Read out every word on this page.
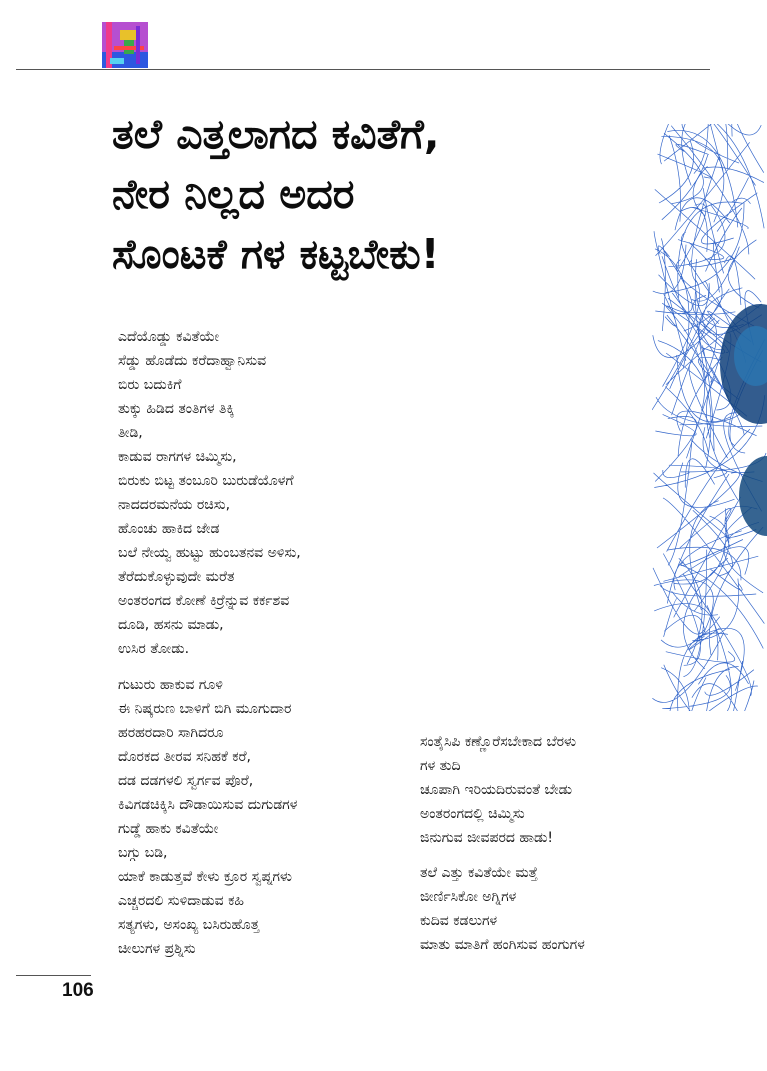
ತಲೆ ಎತ್ತಲಾಗದ ಕವಿತೆಗೆ,
ನೇರ ನಿಲ್ಲದ ಅದರ
ಸೊಂಟಕೆ ಗಳ ಕಟ್ಟಬೇಕು!
ಎದೆಯೊಡ್ಡು ಕವಿತೆಯೇ
ಸೆಡ್ಡು ಹೊಡೆದು ಕರೆದಾಹ್ವಾನಿಸುವ
ಬಿರು ಬದುಕಿಗೆ
ತುಕ್ಕು ಹಿಡಿದ ತಂತಿಗಳ ತಿಕ್ಕಿ
ತೀಡಿ,
ಕಾಡುವ ರಾಗಗಳ ಚಿಮ್ಮಿಸು,
ಬಿರುಕು ಬಿಟ್ಟ ತಂಬೂರಿ ಬುರುಡೆಯೊಳಗೆ
ನಾದದರಮನೆಯ ರಚಿಸು,
ಹೊಂಚು ಹಾಕಿದ ಜೇಡ
ಬಲೆ ನೇಯ್ವ ಹುಟ್ಟು ಹುಂಬತನವ ಅಳಿಸು,
ತೆರೆದುಕೊಳ್ಳುವುದೇ ಮರೆತ
ಅಂತರಂಗದ ಕೋಣೆ ಕಿರ್ರೆನ್ನುವ ಕರ್ಕಶವ
ದೂಡಿ, ಹಸನು ಮಾಡು,
ಉಸಿರ ತೋಡು.
ಗುಟುರು ಹಾಕುವ ಗೂಳಿ
ಈ ನಿಷ್ಕರುಣ ಬಾಳಿಗೆ ಬಿಗಿ ಮೂಗುದಾರ
ಹರಹರದಾರಿ ಸಾಗಿದರೂ
ದೊರಕದ ತೀರವ ಸನಿಹಕೆ ಕರೆ,
ದಡ ದಡಗಳಲಿ ಸ್ವರ್ಗವ ಪೊರೆ,
ಕಿವಿಗಡಚಿಕ್ಕಿಸಿ ದೌಡಾಯಿಸುವ ದುಗುಡಗಳ
ಗುಡ್ಡೆ ಹಾಕು ಕವಿತೆಯೇ
ಬಗ್ಗು ಬಡಿ,
ಯಾಕೆ ಕಾಡುತ್ತವೆ ಕೇಳು ಕ್ರೂರ ಸ್ವಪ್ನಗಳು
ಎಚ್ಚರದಲಿ ಸುಳಿದಾಡುವ ಕಹಿ
ಸತ್ಯಗಳು, ಅಸಂಖ್ಯ ಬಸಿರುಹೊತ್ತ
ಚೀಲುಗಳ ಪ್ರಶ್ನಿಸು
ಸಂತೈಸಿಪಿ ಕಣ್ಣೊರೆಸಬೇಕಾದ ಬೆರಳು
ಗಳ ತುದಿ
ಚೂಪಾಗಿ ಇರಿಯದಿರುವಂತೆ ಬೇಡು
ಅಂತರಂಗದಲ್ಲಿ ಚಿಮ್ಮಿಸು
ಜಿನುಗುವ ಜೀವಪರದ ಹಾಡು!
ತಲೆ ಎತ್ತು ಕವಿತೆಯೇ ಮತ್ತೆ
ಜೀರ್ಣಿಸಿಕೋ ಅಗ್ನಿಗಳ
ಕುದಿವ ಕಡಲುಗಳ
ಮಾತು ಮಾತಿಗೆ ಹಂಗಿಸುವ ಹಂಗುಗಳ
106
